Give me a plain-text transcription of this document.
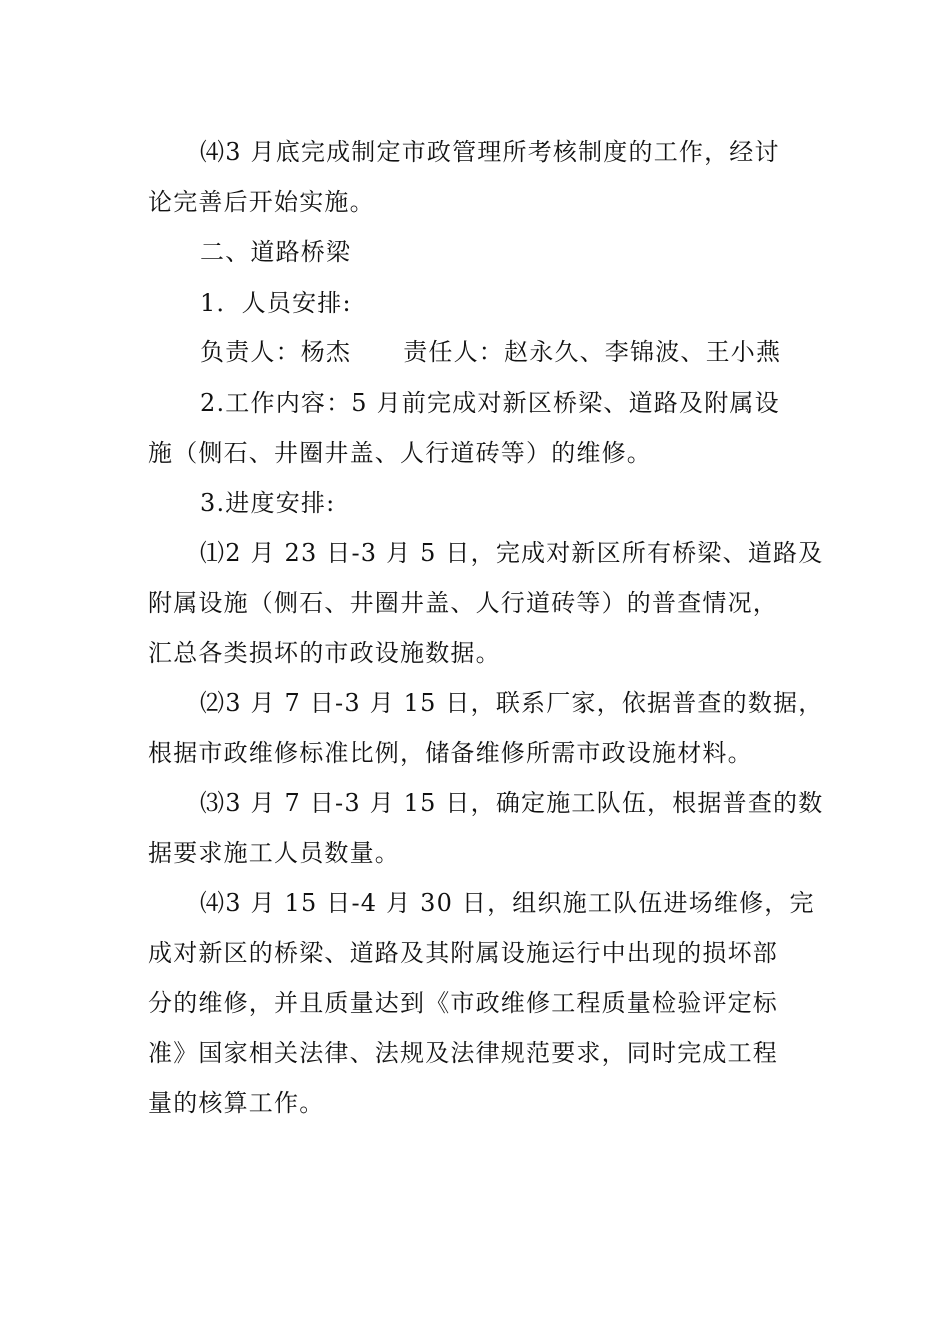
⑷3 月底完成制定市政管理所考核制度的工作，经讨
论完善后开始实施。
二、道路桥梁
1．人员安排:
负责人：杨杰 责任人：赵永久、李锦波、王小燕
2.工作内容：5 月前完成对新区桥梁、道路及附属设
施（侧石、井圈井盖、人行道砖等）的维修。
3.进度安排:
⑴2 月 23 日-3 月 5 日，完成对新区所有桥梁、道路及
附属设施（侧石、井圈井盖、人行道砖等）的普查情况，
汇总各类损坏的市政设施数据。
⑵3 月 7 日-3 月 15 日，联系厂家，依据普查的数据，
根据市政维修标准比例，储备维修所需市政设施材料。
⑶3 月 7 日-3 月 15 日，确定施工队伍，根据普查的数
据要求施工人员数量。
⑷3 月 15 日-4 月 30 日，组织施工队伍进场维修，完
成对新区的桥梁、道路及其附属设施运行中出现的损坏部
分的维修，并且质量达到《市政维修工程质量检验评定标
准》国家相关法律、法规及法律规范要求，同时完成工程
量的核算工作。
